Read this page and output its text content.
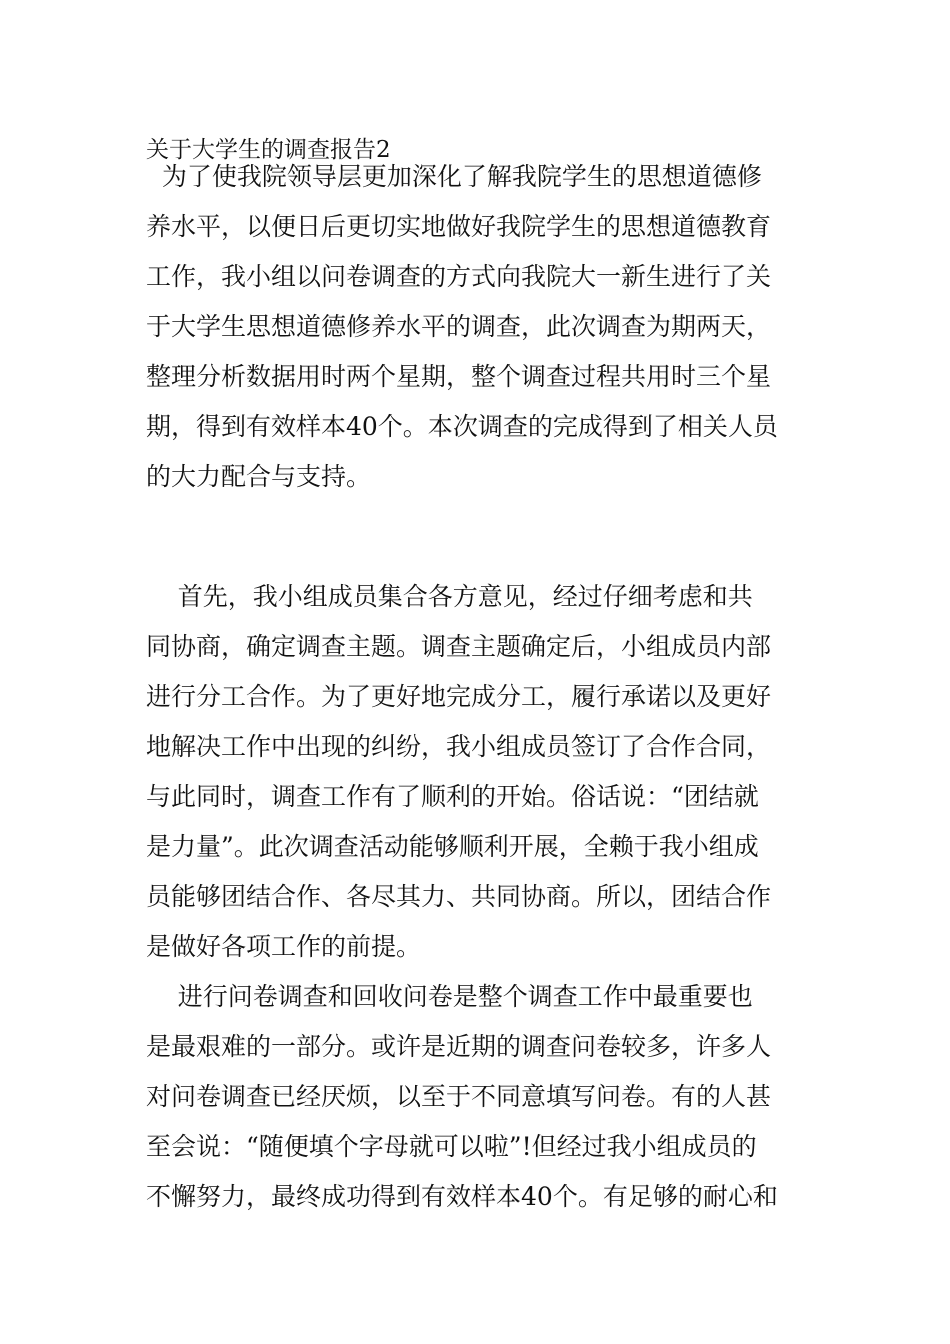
关于大学生的调查报告2
为了使我院领导层更加深化了解我院学生的思想道德修
养水平，以便日后更切实地做好我院学生的思想道德教育
工作，我小组以问卷调查的方式向我院大一新生进行了关
于大学生思想道德修养水平的调查，此次调查为期两天，
整理分析数据用时两个星期，整个调查过程共用时三个星
期，得到有效样本40个。本次调查的完成得到了相关人员
的大力配合与支持。
首先，我小组成员集合各方意见，经过仔细考虑和共
同协商，确定调查主题。调查主题确定后，小组成员内部
进行分工合作。为了更好地完成分工，履行承诺以及更好
地解决工作中出现的纠纷，我小组成员签订了合作合同，
与此同时，调查工作有了顺利的开始。俗话说：“团结就
是力量”。此次调查活动能够顺利开展，全赖于我小组成
员能够团结合作、各尽其力、共同协商。所以，团结合作
是做好各项工作的前提。
进行问卷调查和回收问卷是整个调查工作中最重要也
是最艰难的一部分。或许是近期的调查问卷较多，许多人
对问卷调查已经厌烦，以至于不同意填写问卷。有的人甚
至会说：“随便填个字母就可以啦”!但经过我小组成员的
不懈努力，最终成功得到有效样本40个。有足够的耐心和
